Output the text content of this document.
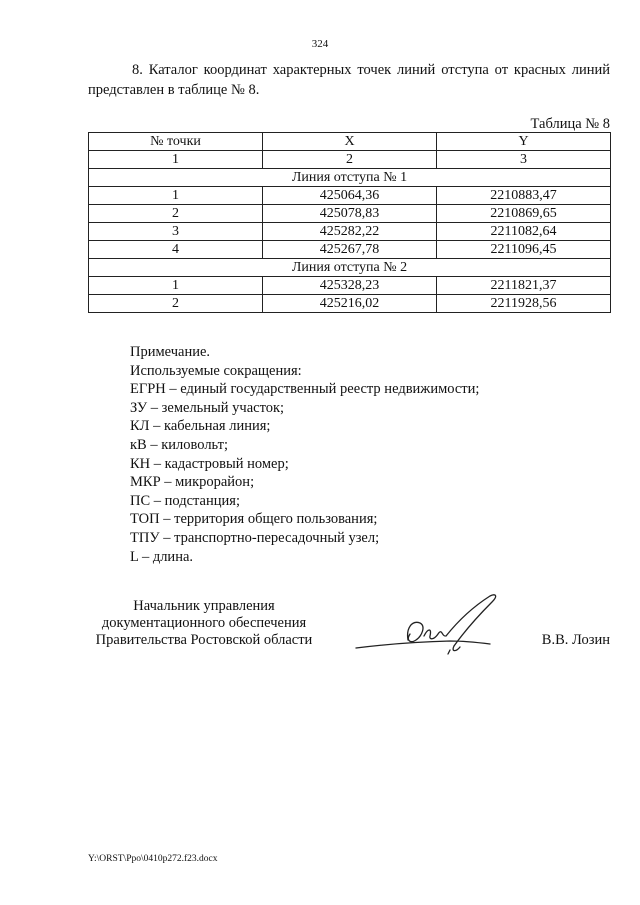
324
8. Каталог координат характерных точек линий отступа от красных линий представлен в таблице № 8.
Таблица № 8
№ точки	X	Y
1	2	3
Линия отступа № 1		
1	425064,36	2210883,47
2	425078,83	2210869,65
3	425282,22	2211082,64
4	425267,78	2211096,45
Линия отступа № 2		
1	425328,23	2211821,37
2	425216,02	2211928,56
Примечание.
Используемые сокращения:
ЕГРН – единый государственный реестр недвижимости;
ЗУ – земельный участок;
КЛ – кабельная линия;
кВ – киловольт;
КН – кадастровый номер;
МКР – микрорайон;
ПС – подстанция;
ТОП – территория общего пользования;
ТПУ – транспортно-пересадочный узел;
L – длина.
Начальник управления
документационного обеспечения
Правительства Ростовской области	В.В. Лозин
Y:\ORST\Ppo\0410p272.f23.docx
